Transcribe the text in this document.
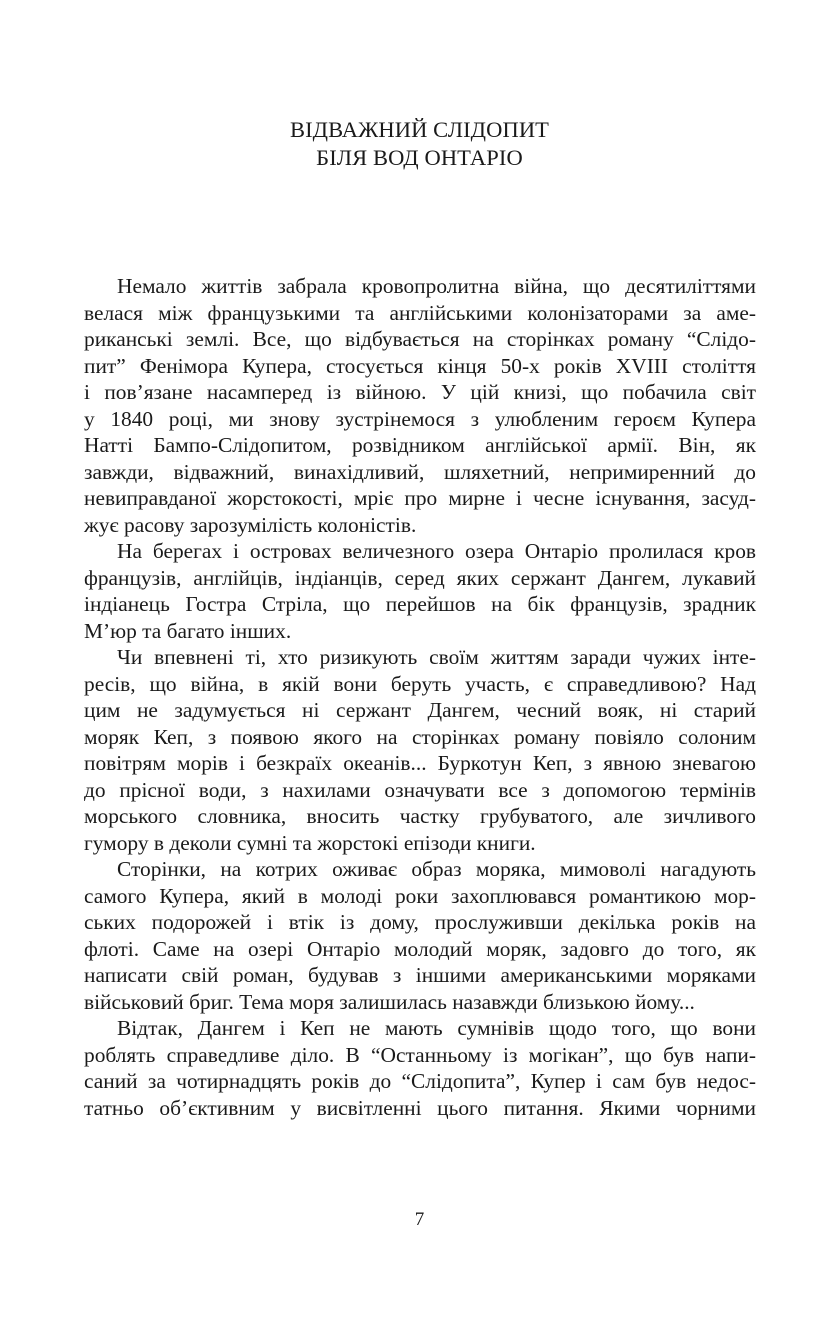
ВІДВАЖНИЙ СЛІДОПИТ
БІЛЯ ВОД ОНТАРІО
Немало життів забрала кровопролитна війна, що десятиліттями
велася між французькими та англійськими колонізаторами за аме-
риканські землі. Все, що відбувається на сторінках роману “Слідо-
пит” Фенімора Купера, стосується кінця 50-х років XVIII століття
і пов’язане насамперед із війною. У цій книзі, що побачила світ
у 1840 році, ми знову зустрінемося з улюбленим героєм Купера
Натті Бампо-Слідопитом, розвідником англійської армії. Він, як
завжди, відважний, винахідливий, шляхетний, непримиренний до
невиправданої жорстокості, мріє про мирне і чесне існування, засуд-
жує расову зарозумілість колоністів.
На берегах і островах величезного озера Онтаріо пролилася кров
французів, англійців, індіанців, серед яких сержант Дангем, лукавий
індіанець Гостра Стріла, що перейшов на бік французів, зрадник
М’юр та багато інших.
Чи впевнені ті, хто ризикують своїм життям заради чужих інте-
ресів, що війна, в якій вони беруть участь, є справедливою? Над
цим не задумується ні сержант Дангем, чесний вояк, ні старий
моряк Кеп, з появою якого на сторінках роману повіяло солоним
повітрям морів і безкраїх океанів... Буркотун Кеп, з явною зневагою
до прісної води, з нахилами означувати все з допомогою термінів
морського словника, вносить частку грубуватого, але зичливого
гумору в деколи сумні та жорстокі епізоди книги.
Сторінки, на котрих оживає образ моряка, мимоволі нагадують
самого Купера, який в молоді роки захоплювався романтикою мор-
ських подорожей і втік із дому, прослуживши декілька років на
флоті. Саме на озері Онтаріо молодий моряк, задовго до того, як
написати свій роман, будував з іншими американськими моряками
військовий бриг. Тема моря залишилась назавжди близькою йому...
Відтак, Дангем і Кеп не мають сумнівів щодо того, що вони
роблять справедливе діло. В “Останньому із могікан”, що був напи-
саний за чотирнадцять років до “Слідопита”, Купер і сам був недос-
татньо об’єктивним у висвітленні цього питання. Якими чорними
7
